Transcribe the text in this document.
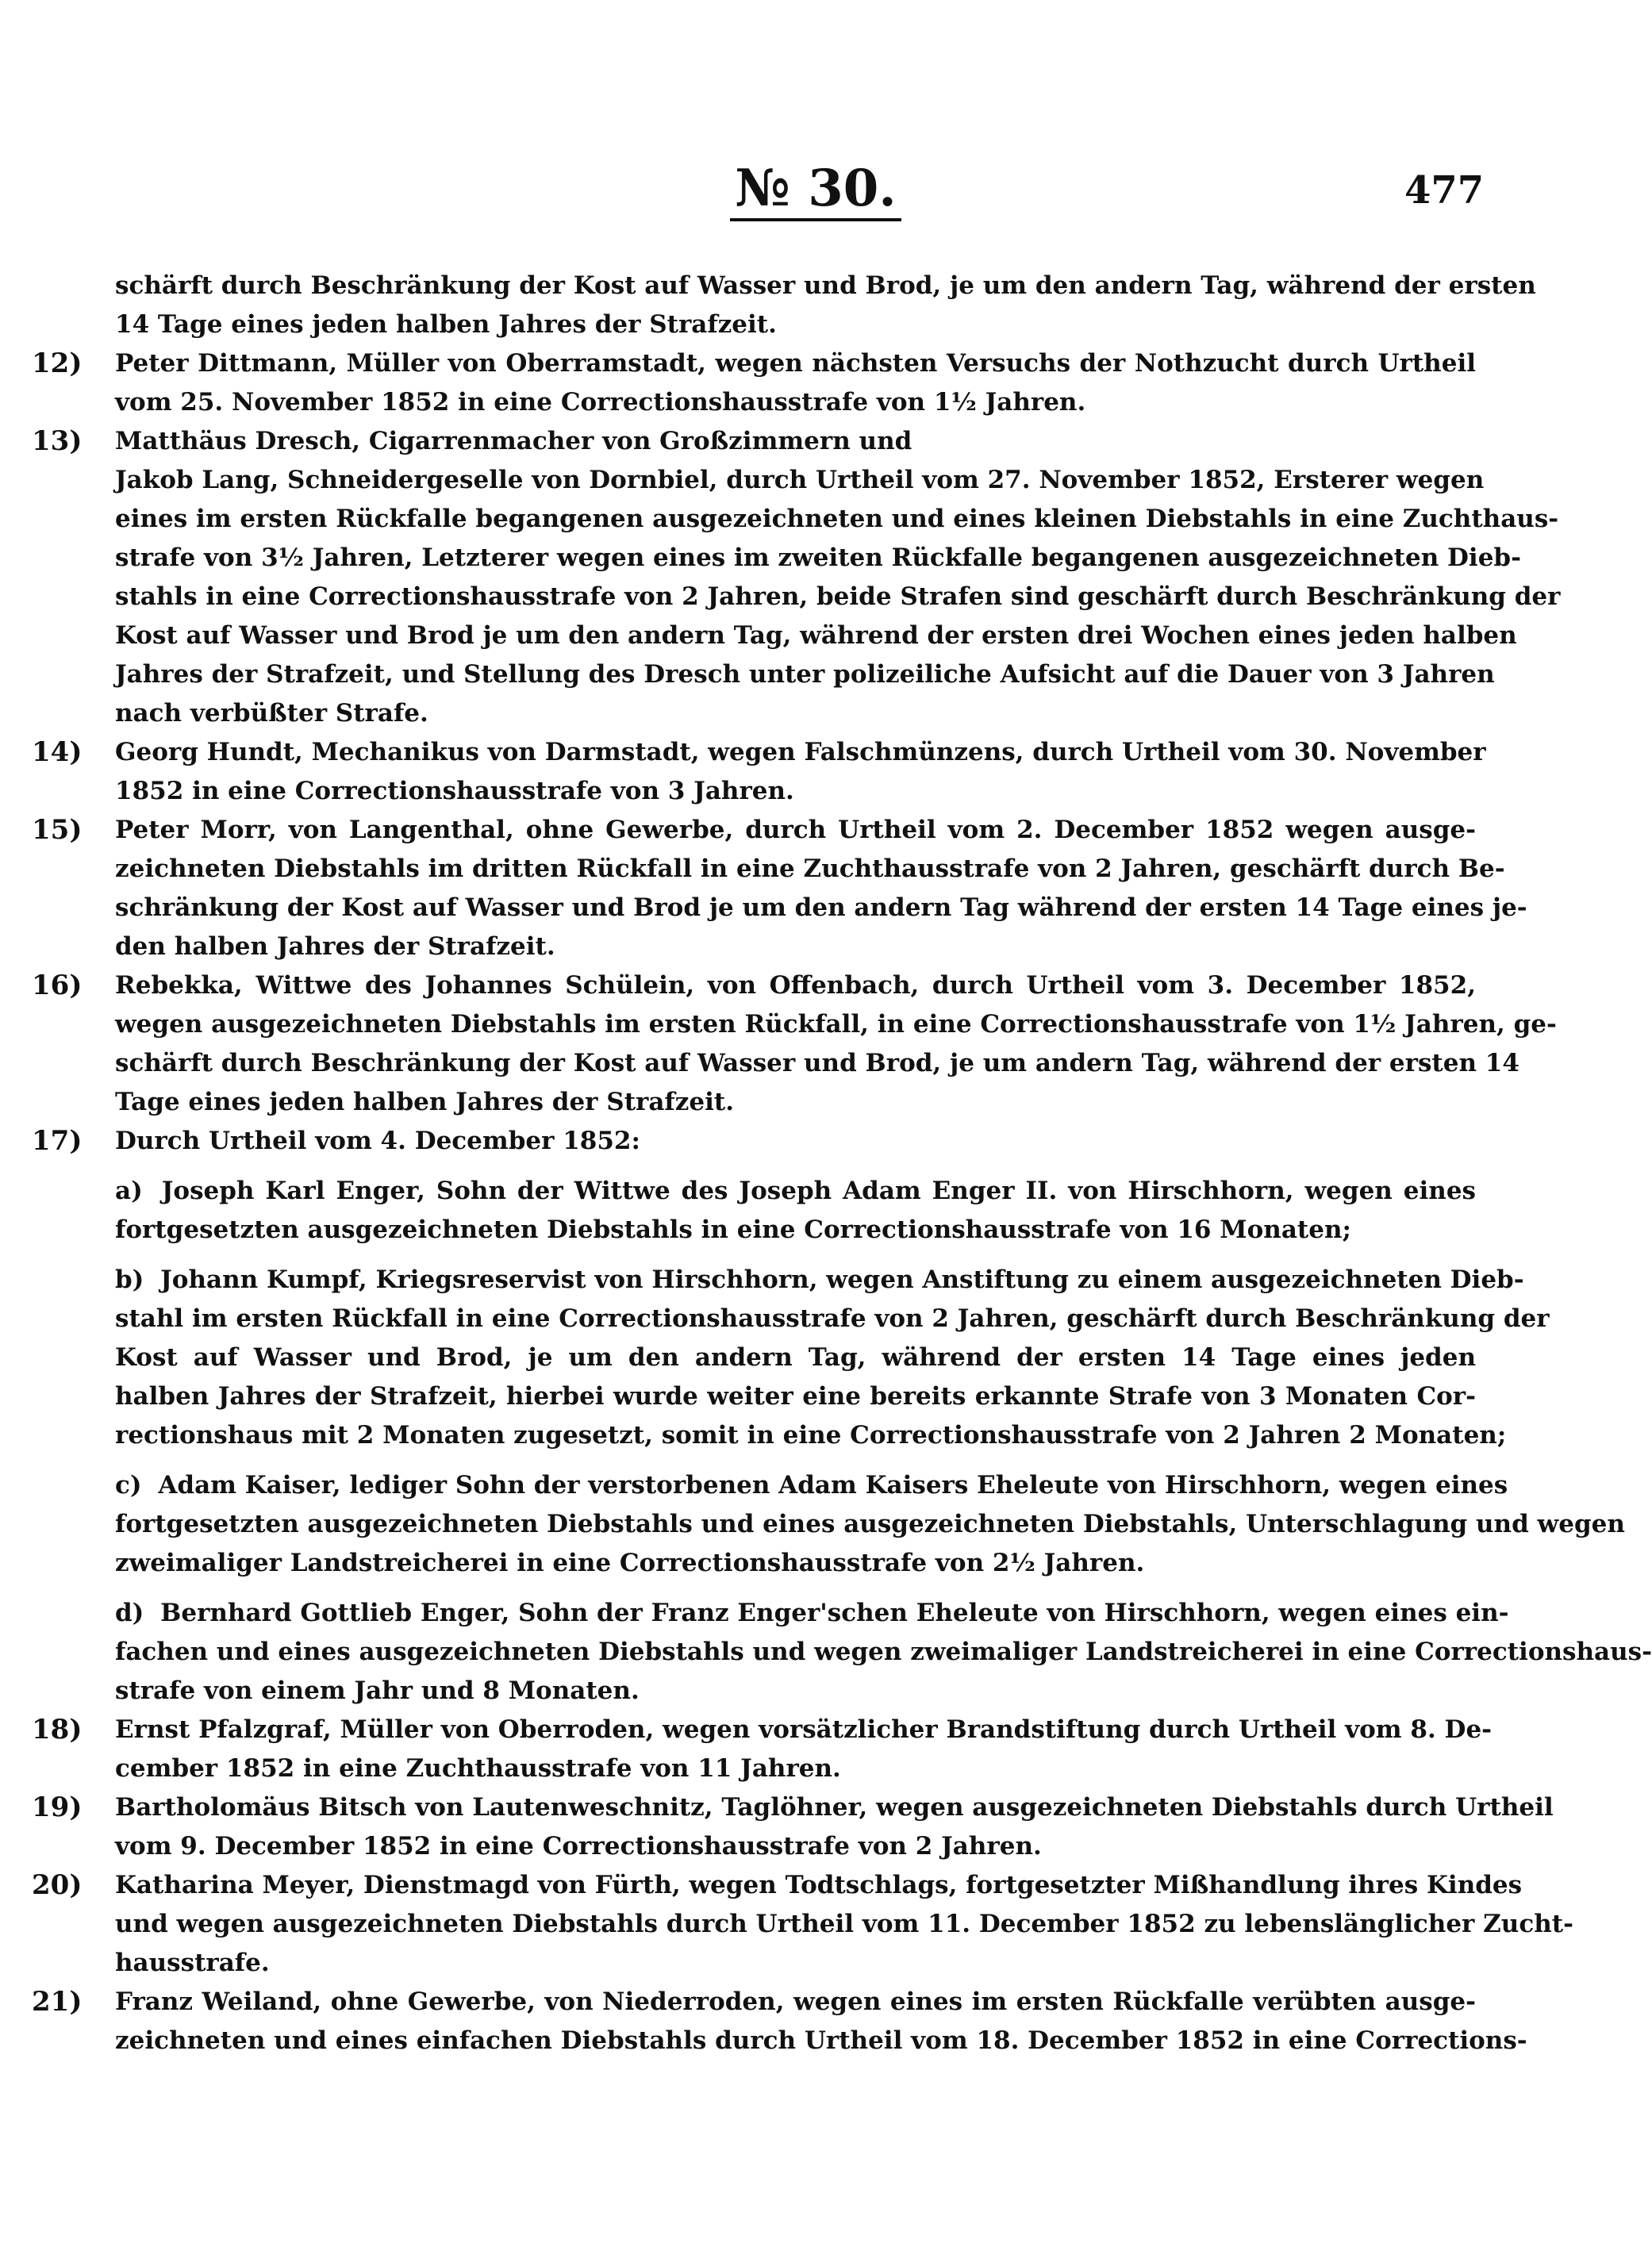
№ 30.	477
schärft durch Beschränkung der Kost auf Wasser und Brod, je um den andern Tag, während der ersten
14 Tage eines jeden halben Jahres der Strafzeit.
12) Peter Dittmann, Müller von Oberramstadt, wegen nächsten Versuchs der Nothzucht durch Urtheil
vom 25. November 1852 in eine Correctionshausstrafe von 1½ Jahren.
13) Matthäus Dresch, Cigarrenmacher von Großzimmern und
Jakob Lang, Schneidergeselle von Dornbiel, durch Urtheil vom 27. November 1852, Ersterer wegen
eines im ersten Rückfalle begangenen ausgezeichneten und eines kleinen Diebstahls in eine Zuchthaus-
strafe von 3½ Jahren, Letzterer wegen eines im zweiten Rückfalle begangenen ausgezeichneten Dieb-
stahls in eine Correctionshausstrafe von 2 Jahren, beide Strafen sind geschärft durch Beschränkung der
Kost auf Wasser und Brod je um den andern Tag, während der ersten drei Wochen eines jeden halben
Jahres der Strafzeit, und Stellung des Dresch unter polizeiliche Aufsicht auf die Dauer von 3 Jahren
nach verbüßter Strafe.
14) Georg Hundt, Mechanikus von Darmstadt, wegen Falschmünzens, durch Urtheil vom 30. November
1852 in eine Correctionshausstrafe von 3 Jahren.
15) Peter Morr, von Langenthal, ohne Gewerbe, durch Urtheil vom 2. December 1852 wegen ausge-
zeichneten Diebstahls im dritten Rückfall in eine Zuchthausstrafe von 2 Jahren, geschärft durch Be-
schränkung der Kost auf Wasser und Brod je um den andern Tag während der ersten 14 Tage eines je-
den halben Jahres der Strafzeit.
16) Rebekka, Wittwe des Johannes Schülein, von Offenbach, durch Urtheil vom 3. December 1852,
wegen ausgezeichneten Diebstahls im ersten Rückfall, in eine Correctionshausstrafe von 1½ Jahren, ge-
schärft durch Beschränkung der Kost auf Wasser und Brod, je um andern Tag, während der ersten 14
Tage eines jeden halben Jahres der Strafzeit.
17) Durch Urtheil vom 4. December 1852:
a) Joseph Karl Enger, Sohn der Wittwe des Joseph Adam Enger II. von Hirschhorn, wegen eines
fortgesetzten ausgezeichneten Diebstahls in eine Correctionshausstrafe von 16 Monaten;
b) Johann Kumpf, Kriegsreservist von Hirschhorn, wegen Anstiftung zu einem ausgezeichneten Dieb-
stahl im ersten Rückfall in eine Correctionshausstrafe von 2 Jahren, geschärft durch Beschränkung der
Kost auf Wasser und Brod, je um den andern Tag, während der ersten 14 Tage eines jeden
halben Jahres der Strafzeit, hierbei wurde weiter eine bereits erkannte Strafe von 3 Monaten Cor-
rectionshaus mit 2 Monaten zugesetzt, somit in eine Correctionshausstrafe von 2 Jahren 2 Monaten;
c) Adam Kaiser, lediger Sohn der verstorbenen Adam Kaisers Eheleute von Hirschhorn, wegen eines
fortgesetzten ausgezeichneten Diebstahls und eines ausgezeichneten Diebstahls, Unterschlagung und wegen
zweimaliger Landstreicherei in eine Correctionshausstrafe von 2½ Jahren.
d) Bernhard Gottlieb Enger, Sohn der Franz Enger'schen Eheleute von Hirschhorn, wegen eines ein-
fachen und eines ausgezeichneten Diebstahls und wegen zweimaliger Landstreicherei in eine Correctionshaus-
strafe von einem Jahr und 8 Monaten.
18) Ernst Pfalzgraf, Müller von Oberroden, wegen vorsätzlicher Brandstiftung durch Urtheil vom 8. De-
cember 1852 in eine Zuchthausstrafe von 11 Jahren.
19) Bartholomäus Bitsch von Lautenweschnitz, Taglöhner, wegen ausgezeichneten Diebstahls durch Urtheil
vom 9. December 1852 in eine Correctionshausstrafe von 2 Jahren.
20) Katharina Meyer, Dienstmagd von Fürth, wegen Todtschlags, fortgesetzter Mißhandlung ihres Kindes
und wegen ausgezeichneten Diebstahls durch Urtheil vom 11. December 1852 zu lebenslänglicher Zucht-
hausstrafe.
21) Franz Weiland, ohne Gewerbe, von Niederroden, wegen eines im ersten Rückfalle verübten ausge-
zeichneten und eines einfachen Diebstahls durch Urtheil vom 18. December 1852 in eine Corrections-
